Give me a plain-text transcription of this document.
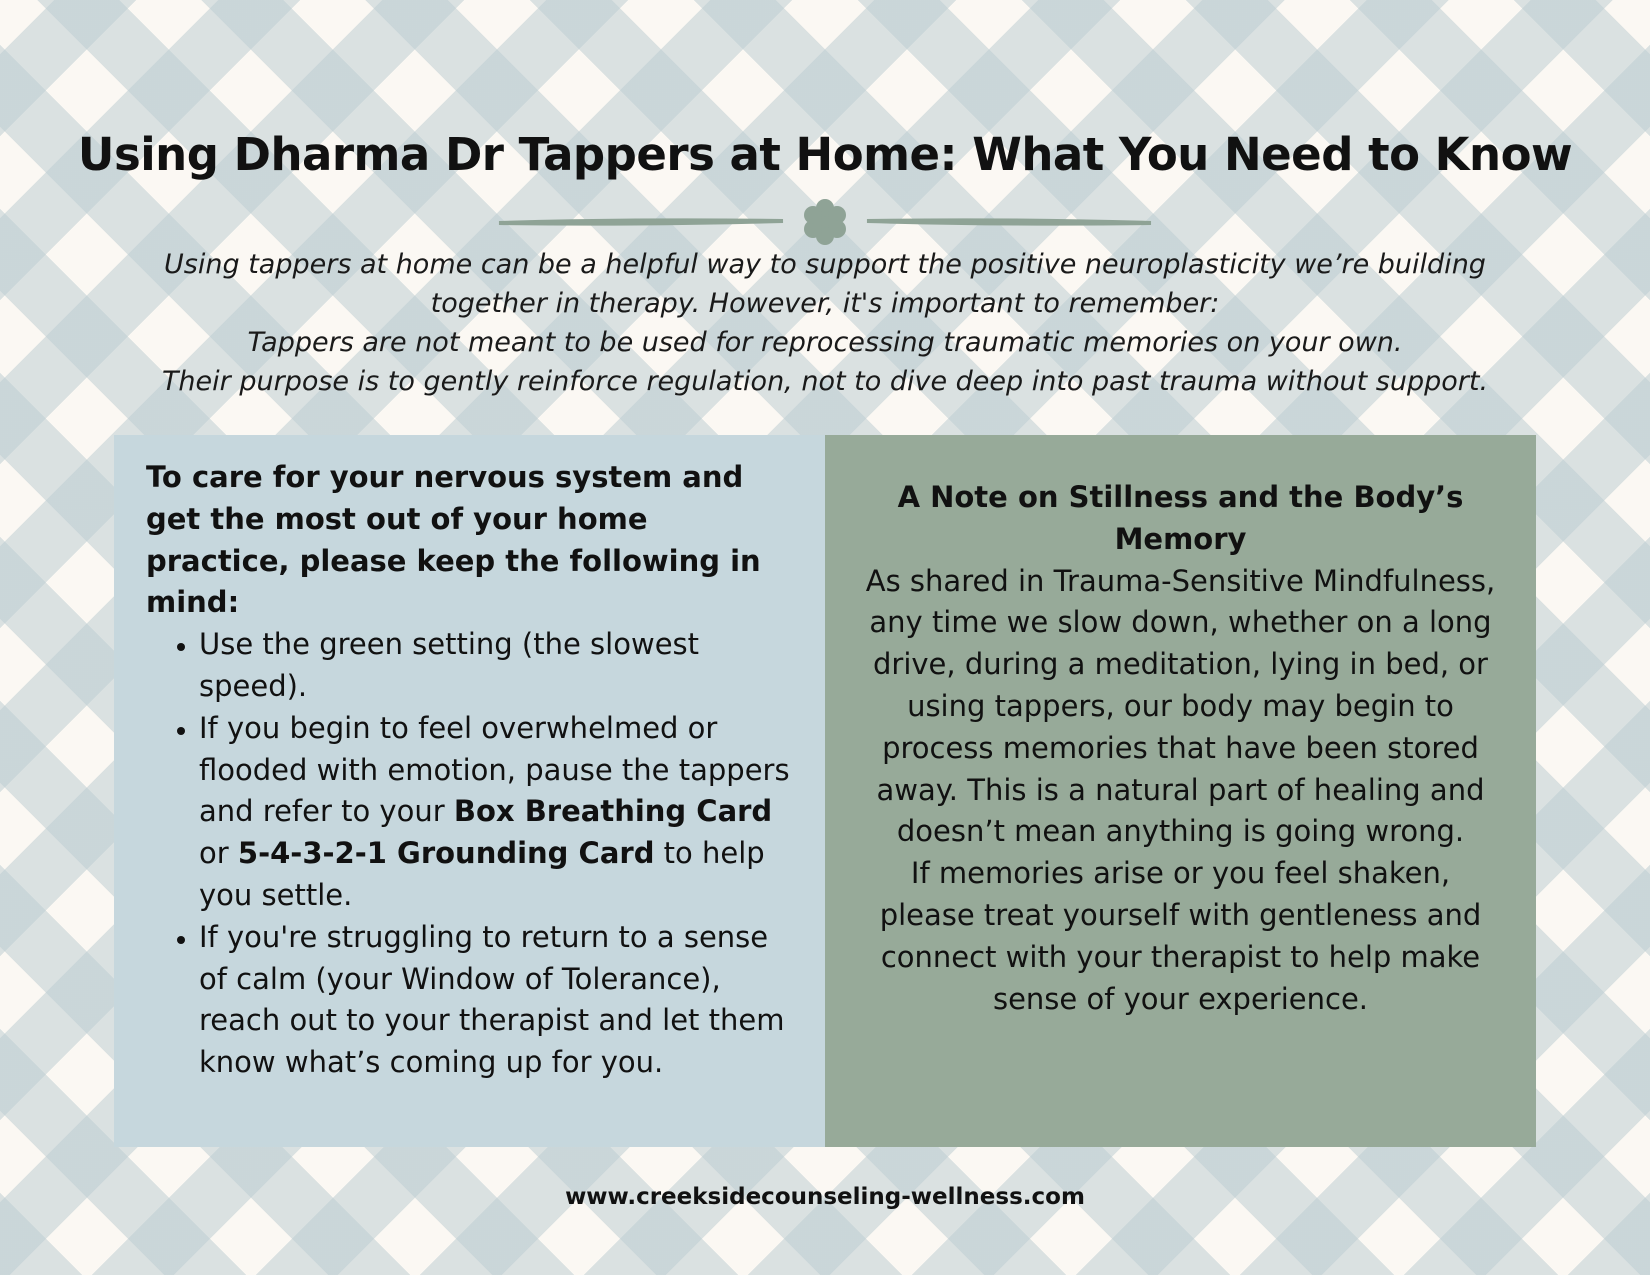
Using Dharma Dr Tappers at Home: What You Need to Know

Using tappers at home can be a helpful way to support the positive neuroplasticity we’re building together in therapy. However, it's important to remember:

Tappers are not meant to be used for reprocessing traumatic memories on your own.

Their purpose is to gently reinforce regulation, not to dive deep into past trauma without support.

To care for your nervous system and get the most out of your home practice, please keep the following in mind:

• Use the green setting (the slowest speed).
• If you begin to feel overwhelmed or flooded with emotion, pause the tappers and refer to your Box Breathing Card or 5-4-3-2-1 Grounding Card to help you settle.
• If you're struggling to return to a sense of calm (your Window of Tolerance), reach out to your therapist and let them know what’s coming up for you.

A Note on Stillness and the Body’s Memory

As shared in Trauma-Sensitive Mindfulness, any time we slow down, whether on a long drive, during a meditation, lying in bed, or using tappers, our body may begin to process memories that have been stored away. This is a natural part of healing and doesn’t mean anything is going wrong.

If memories arise or you feel shaken, please treat yourself with gentleness and connect with your therapist to help make sense of your experience.

www.creeksidecounseling-wellness.com
